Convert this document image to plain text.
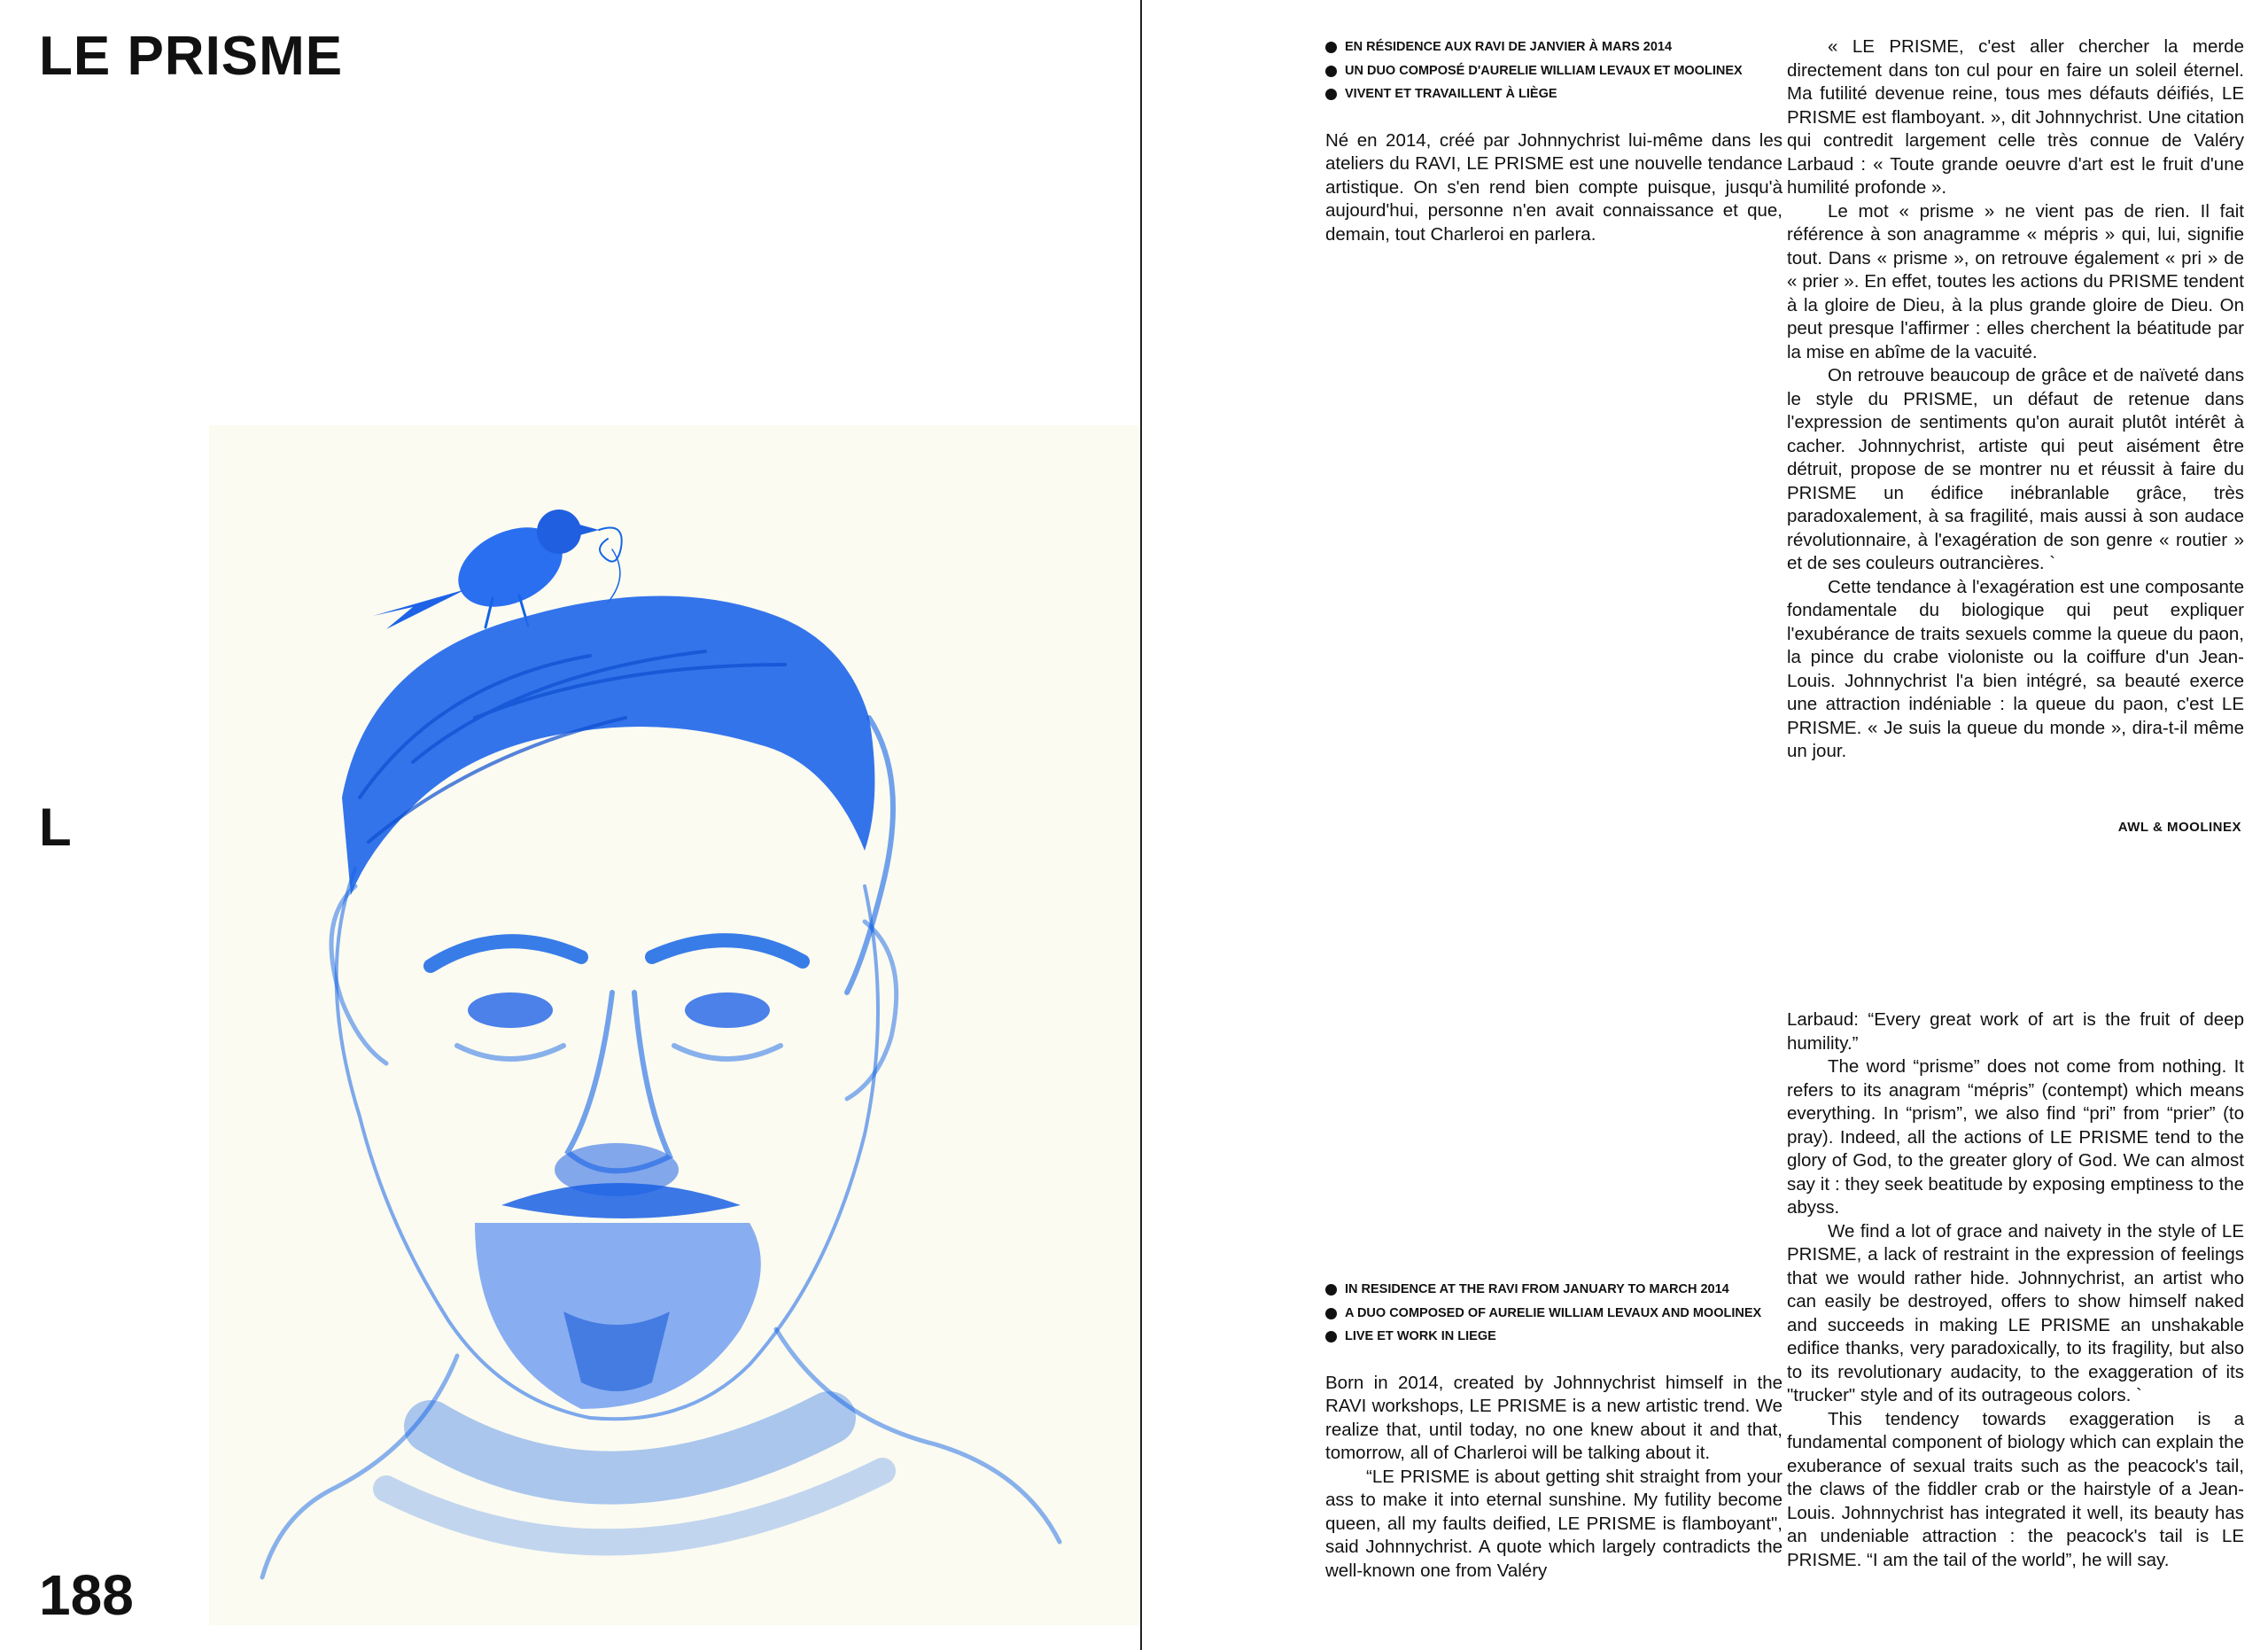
LE PRISME
L
188
EN RÉSIDENCE AUX RAVI DE JANVIER À MARS 2014
UN DUO COMPOSÉ D'AURELIE WILLIAM LEVAUX ET MOOLINEX
VIVENT ET TRAVAILLENT À LIÈGE

Né en 2014, créé par Johnnychrist lui-même dans les ateliers du RAVI, LE PRISME est une nouvelle tendance artistique. On s'en rend bien compte puisque, jusqu'à aujourd'hui, personne n'en avait connaissance et que, demain, tout Charleroi en parlera.

« LE PRISME, c'est aller chercher la merde directement dans ton cul pour en faire un soleil éternel. Ma futilité devenue reine, tous mes défauts déifiés, LE PRISME est flamboyant. », dit Johnnychrist. Une citation qui contredit largement celle très connue de Valéry Larbaud : « Toute grande oeuvre d'art est le fruit d'une humilité profonde ».

Le mot « prisme » ne vient pas de rien. Il fait référence à son anagramme « mépris » qui, lui, signifie tout. Dans « prisme », on retrouve également « pri » de « prier ». En effet, toutes les actions du PRISME tendent à la gloire de Dieu, à la plus grande gloire de Dieu. On peut presque l'affirmer : elles cherchent la béatitude par la mise en abîme de la vacuité.

On retrouve beaucoup de grâce et de naïveté dans le style du PRISME, un défaut de retenue dans l'expression de sentiments qu'on aurait plutôt intérêt à cacher. Johnnychrist, artiste qui peut aisément être détruit, propose de se montrer nu et réussit à faire du PRISME un édifice inébranlable grâce, très paradoxalement, à sa fragilité, mais aussi à son audace révolutionnaire, à l'exagération de son genre « routier » et de ses couleurs outrancières. `

Cette tendance à l'exagération est une composante fondamentale du biologique qui peut expliquer l'exubérance de traits sexuels comme la queue du paon, la pince du crabe violoniste ou la coiffure d'un Jean-Louis. Johnnychrist l'a bien intégré, sa beauté exerce une attraction indéniable : la queue du paon, c'est LE PRISME. « Je suis la queue du monde », dira-t-il même un jour.

AWL & MOOLINEX
IN RESIDENCE AT THE RAVI FROM JANUARY TO MARCH 2014
A DUO COMPOSED OF AURELIE WILLIAM LEVAUX AND MOOLINEX
LIVE ET WORK IN LIEGE

Born in 2014, created by Johnnychrist himself in the RAVI workshops, LE PRISME is a new artistic trend. We realize that, until today, no one knew about it and that, tomorrow, all of Charleroi will be talking about it.

“LE PRISME is about getting shit straight from your ass to make it into eternal sunshine. My futility become queen, all my faults deified, LE PRISME is flamboyant", said Johnnychrist. A quote which largely contradicts the well-known one from Valéry

Larbaud: “Every great work of art is the fruit of deep humility.”

The word “prisme” does not come from nothing. It refers to its anagram “mépris” (contempt) which means everything. In “prism”, we also find “pri” from “prier” (to pray). Indeed, all the actions of LE PRISME tend to the glory of God, to the greater glory of God. We can almost say it : they seek beatitude by exposing emptiness to the abyss.

We find a lot of grace and naivety in the style of LE PRISME, a lack of restraint in the expression of feelings that we would rather hide. Johnnychrist, an artist who can easily be destroyed, offers to show himself naked and succeeds in making LE PRISME an unshakable edifice thanks, very paradoxically, to its fragility, but also to its revolutionary audacity, to the exaggeration of its "trucker" style and of its outrageous colors. `

This tendency towards exaggeration is a fundamental component of biology which can explain the exuberance of sexual traits such as the peacock's tail, the claws of the fiddler crab or the hairstyle of a Jean-Louis. Johnnychrist has integrated it well, its beauty has an undeniable attraction : the peacock's tail is LE PRISME. “I am the tail of the world”, he will say.
